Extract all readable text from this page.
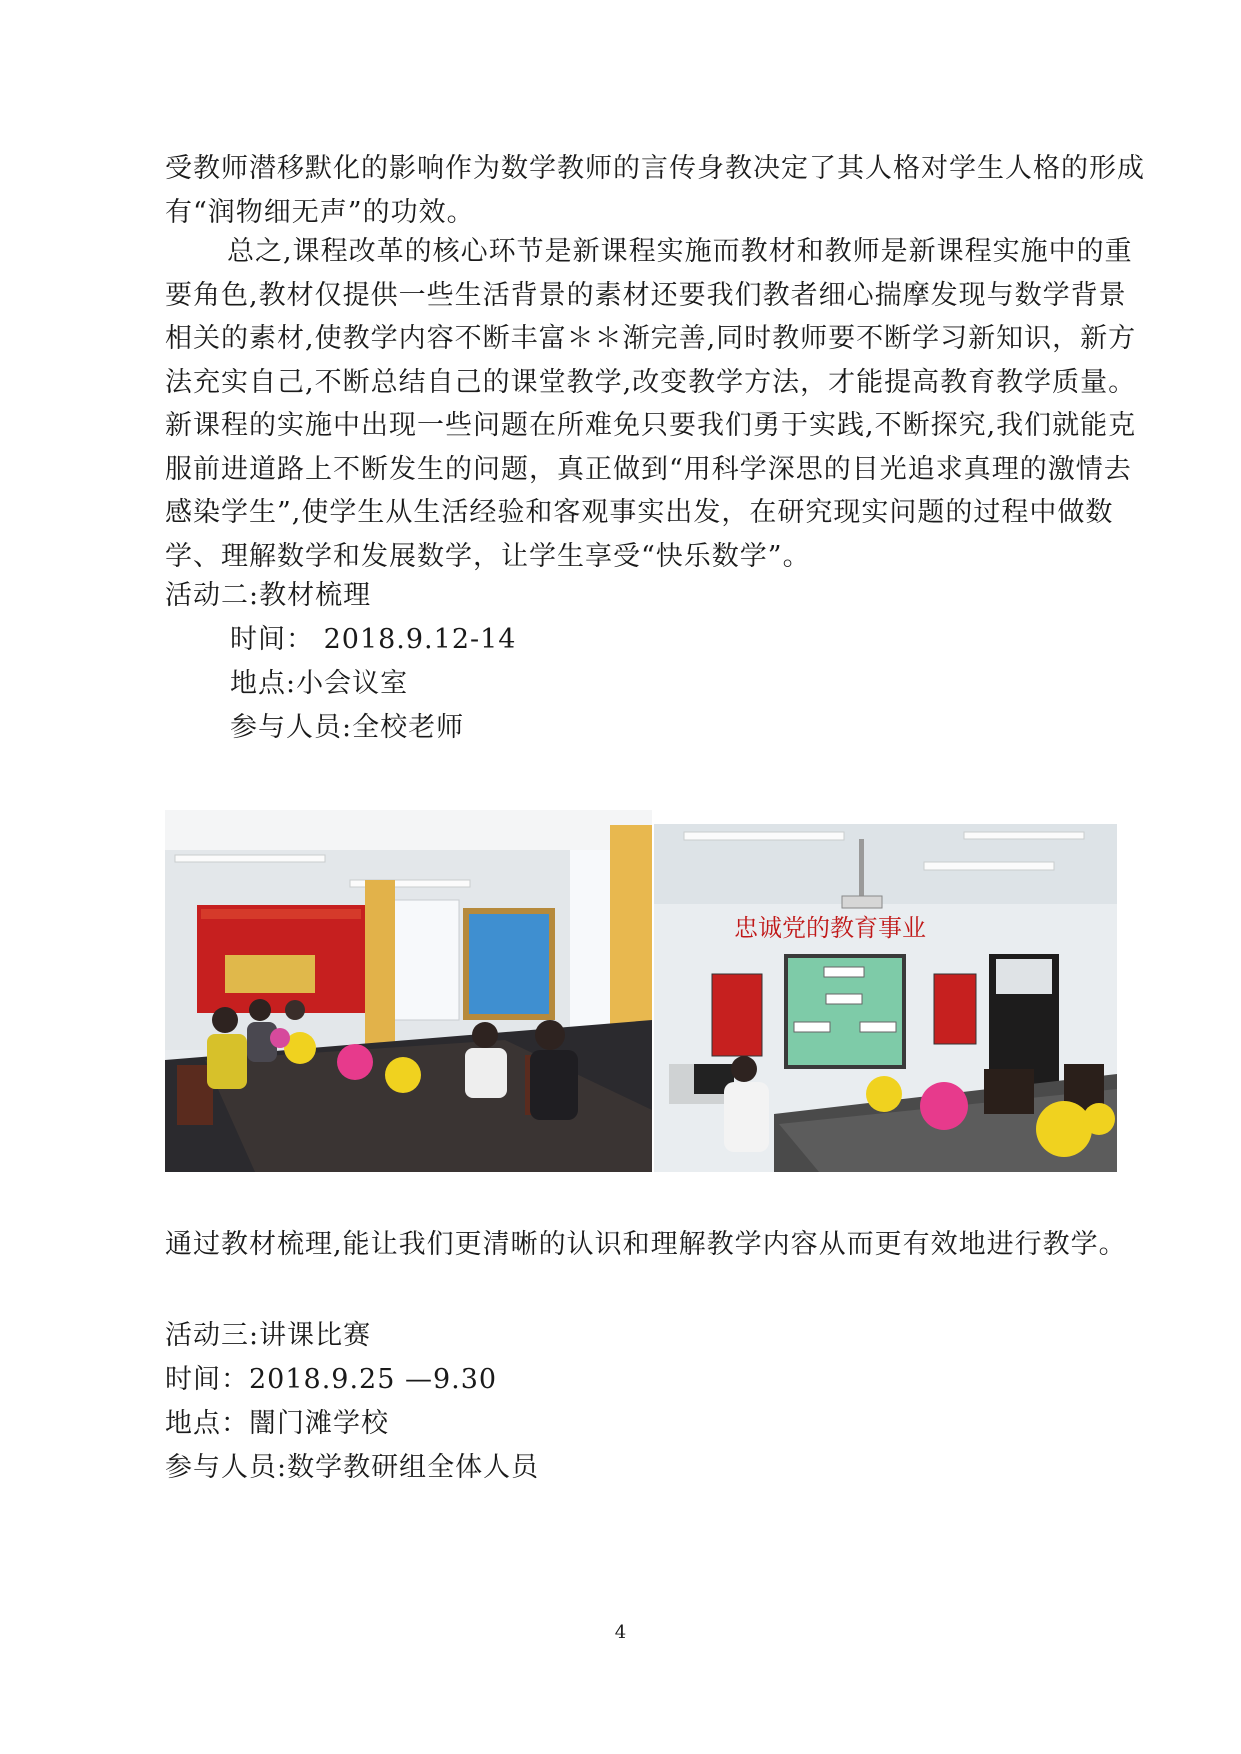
受教师潜移默化的影响作为数学教师的言传身教决定了其人格对学生人格的形成有“润物细无声”的功效。

总之,课程改革的核心环节是新课程实施而教材和教师是新课程实施中的重要角色,教材仅提供一些生活背景的素材还要我们教者细心揣摩发现与数学背景相关的素材,使教学内容不断丰富＊＊渐完善,同时教师要不断学习新知识，新方法充实自己,不断总结自己的课堂教学,改变教学方法，才能提高教育教学质量。新课程的实施中出现一些问题在所难免只要我们勇于实践,不断探究,我们就能克服前进道路上不断发生的问题，真正做到“用科学深思的目光追求真理的激情去感染学生”,使学生从生活经验和客观事实出发，在研究现实问题的过程中做数学、理解数学和发展数学，让学生享受“快乐数学”。

活动二:教材梳理

时间： 2018.9.12-14

地点:小会议室

参与人员:全校老师

忠诚党的教育事业

通过教材梳理,能让我们更清晰的认识和理解教学内容从而更有效地进行教学。

活动三:讲课比赛

时间：2018.9.25 —9.30

地点：闇门滩学校

参与人员:数学教研组全体人员

4
